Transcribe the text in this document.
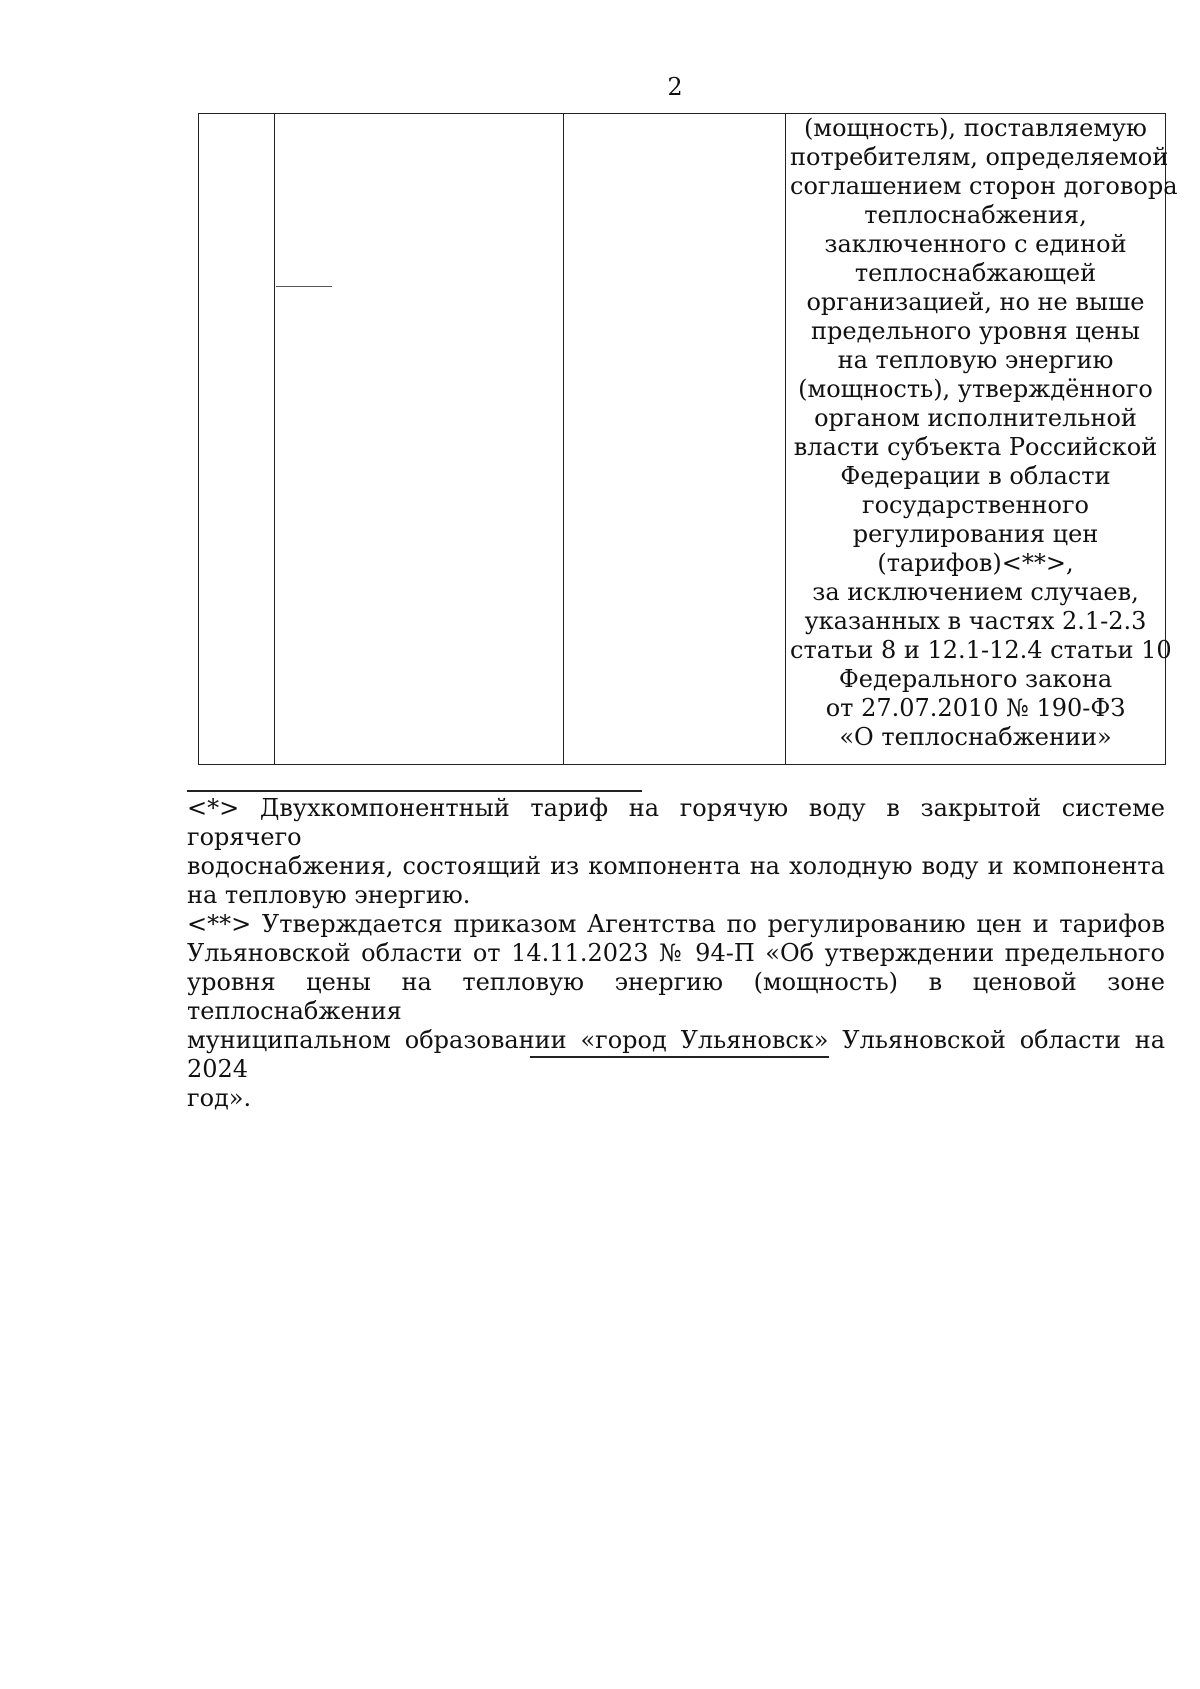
2

(мощность), поставляемую
потребителям, определяемой
соглашением сторон договора
теплоснабжения,
заключенного с единой
теплоснабжающей
организацией, но не выше
предельного уровня цены
на тепловую энергию
(мощность), утверждённого
органом исполнительной
власти субъекта Российской
Федерации в области
государственного
регулирования цен
(тарифов)<**>,
за исключением случаев,
указанных в частях 2.1-2.3
статьи 8 и 12.1-12.4 статьи 10
Федерального закона
от 27.07.2010 № 190-ФЗ
«О теплоснабжении»

<*> Двухкомпонентный тариф на горячую воду в закрытой системе горячего
водоснабжения, состоящий из компонента на холодную воду и компонента
на тепловую энергию.

<**> Утверждается приказом Агентства по регулированию цен и тарифов
Ульяновской области от 14.11.2023 № 94-П «Об утверждении предельного
уровня цены на тепловую энергию (мощность) в ценовой зоне теплоснабжения
муниципальном образовании «город Ульяновск» Ульяновской области на 2024
год».
